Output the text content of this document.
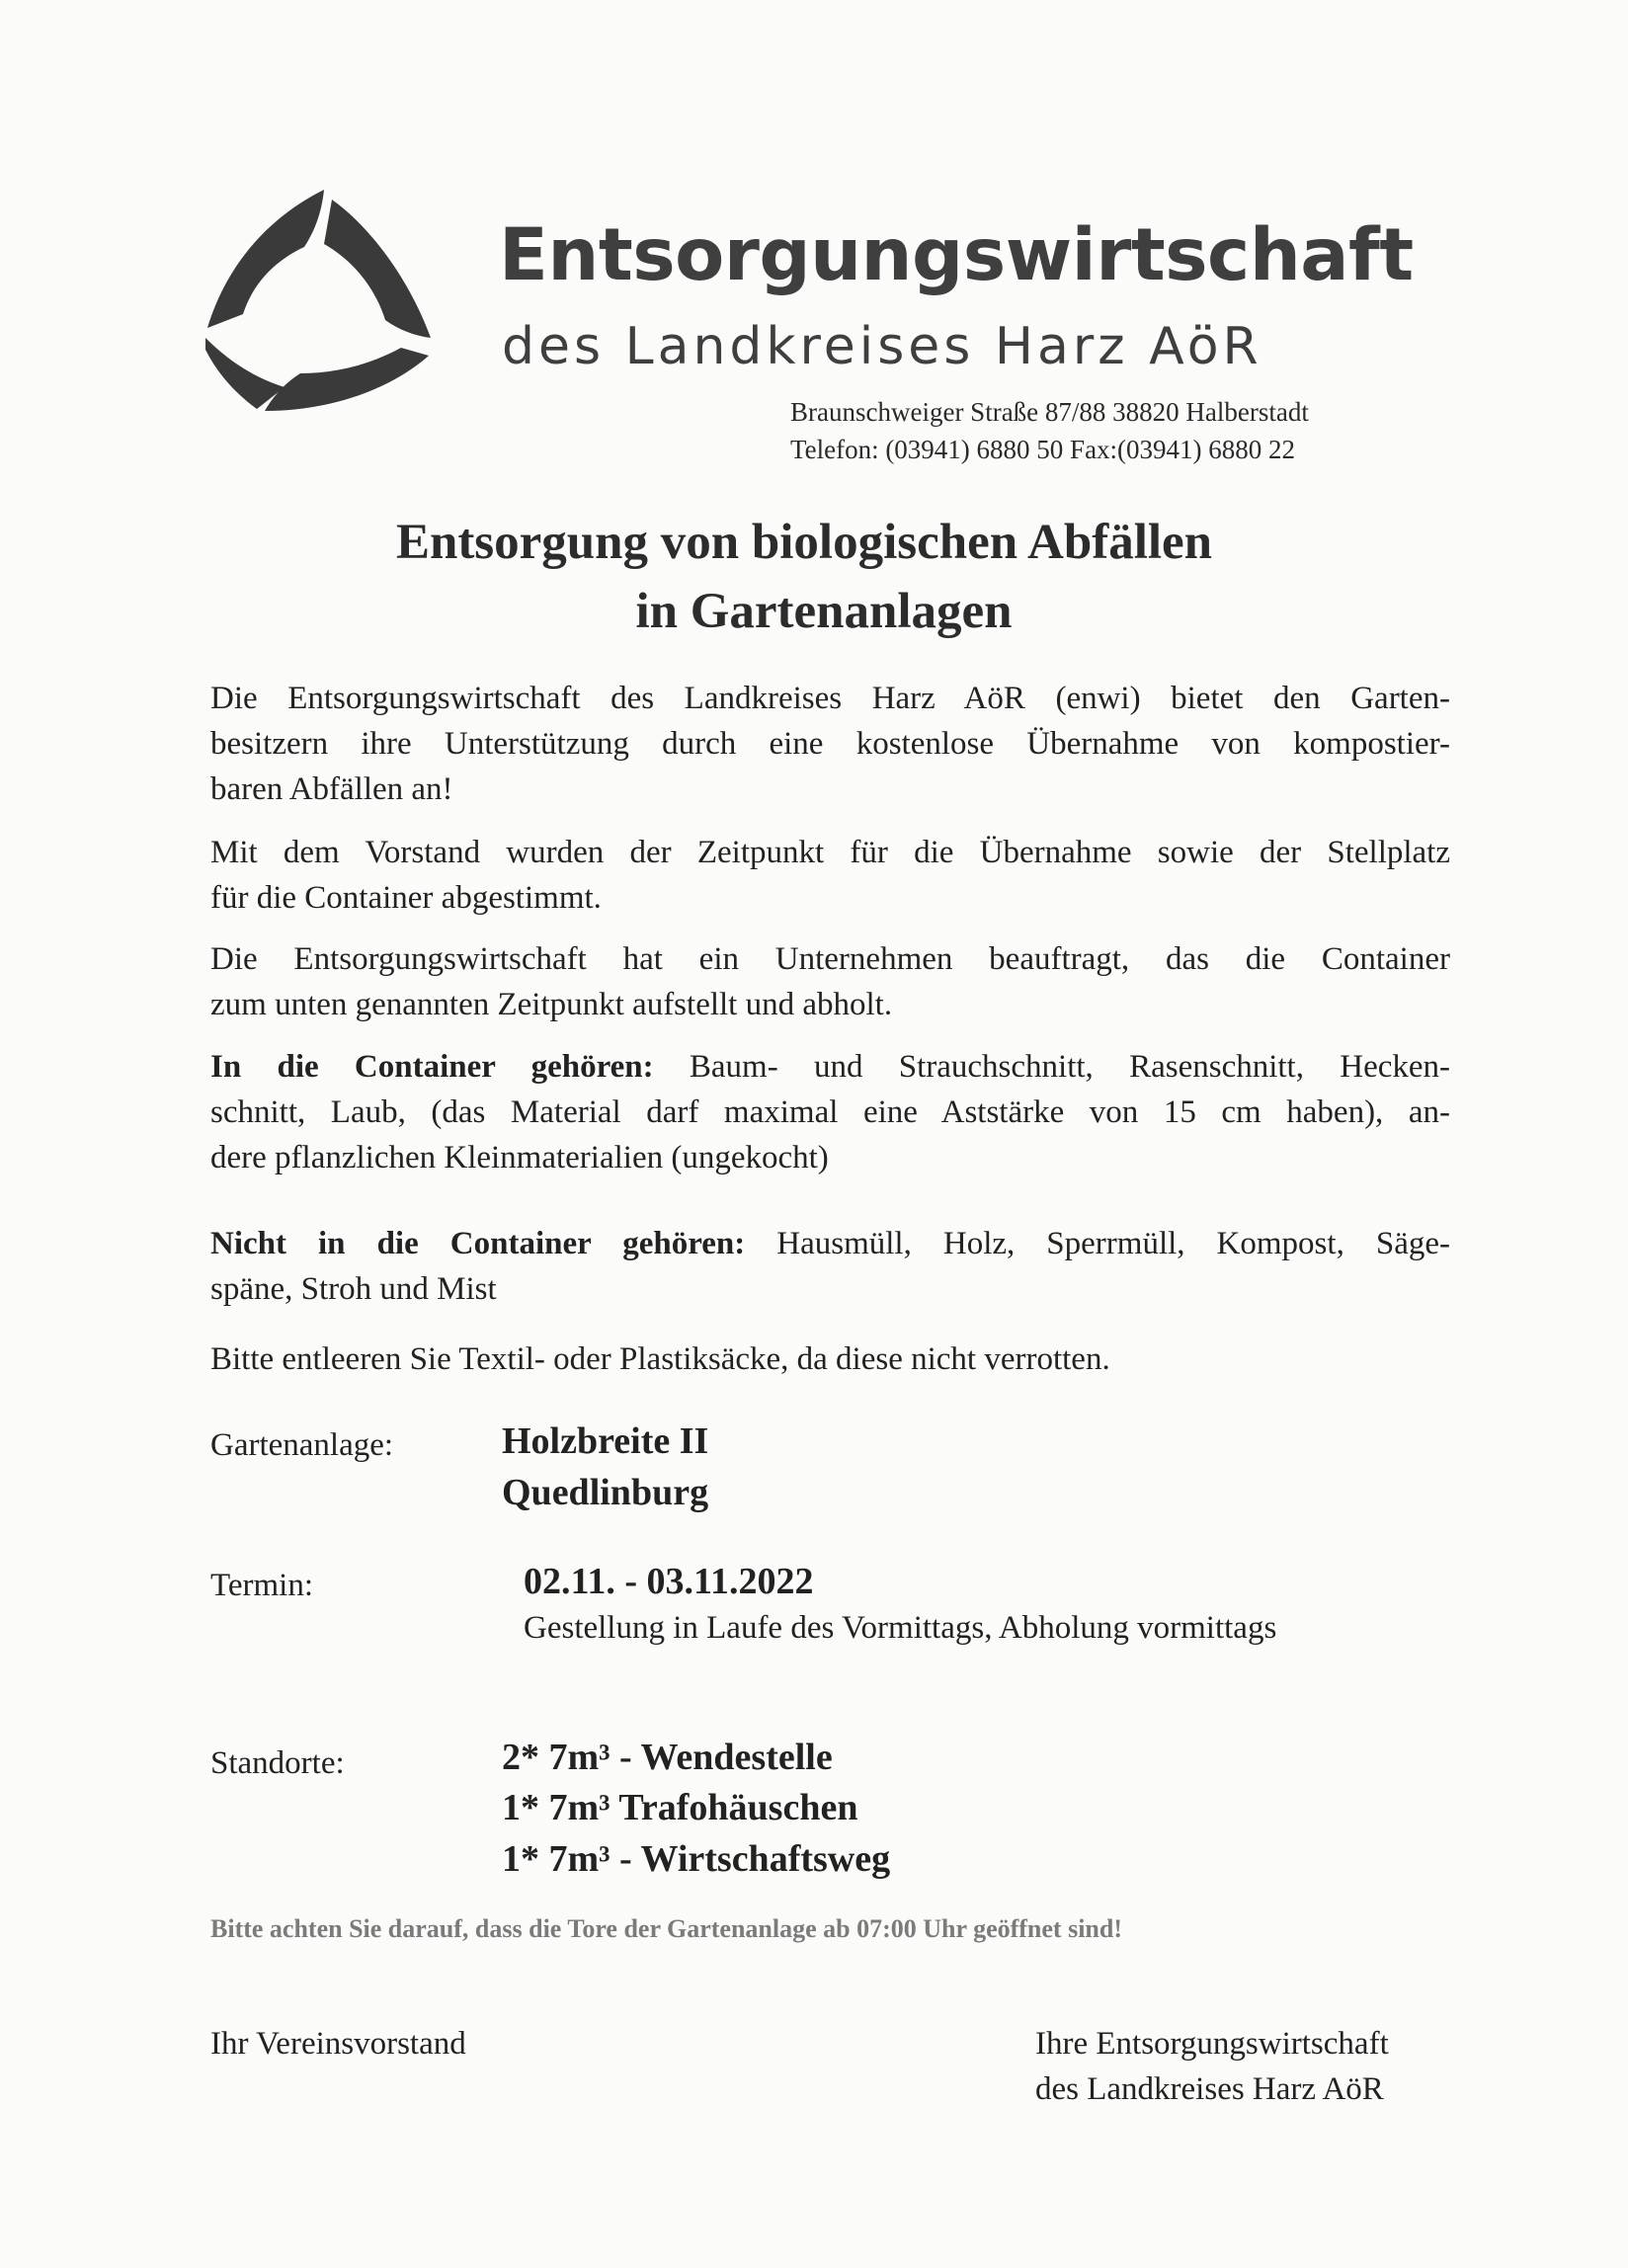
Entsorgungswirtschaft
des Landkreises Harz AöR
Braunschweiger Straße 87/88 38820 Halberstadt
Telefon: (03941) 6880 50 Fax:(03941) 6880 22
Entsorgung von biologischen Abfällen
in Gartenanlagen
Die Entsorgungswirtschaft des Landkreises Harz AöR (enwi) bietet den Garten-
besitzern ihre Unterstützung durch eine kostenlose Übernahme von kompostier-
baren Abfällen an!
Mit dem Vorstand wurden der Zeitpunkt für die Übernahme sowie der Stellplatz
für die Container abgestimmt.
Die Entsorgungswirtschaft hat ein Unternehmen beauftragt, das die Container
zum unten genannten Zeitpunkt aufstellt und abholt.
In die Container gehören: Baum- und Strauchschnitt, Rasenschnitt, Hecken-
schnitt, Laub, (das Material darf maximal eine Aststärke von 15 cm haben), an-
dere pflanzlichen Kleinmaterialien (ungekocht)
Nicht in die Container gehören: Hausmüll, Holz, Sperrmüll, Kompost, Säge-
späne, Stroh und Mist
Bitte entleeren Sie Textil- oder Plastiksäcke, da diese nicht verrotten.
Gartenanlage:	Holzbreite II
Quedlinburg
Termin:	02.11. - 03.11.2022
Gestellung in Laufe des Vormittags, Abholung vormittags
Standorte:	2* 7m³ - Wendestelle
1* 7m³ Trafohäuschen
1* 7m³ - Wirtschaftsweg
Bitte achten Sie darauf, dass die Tore der Gartenanlage ab 07:00 Uhr geöffnet sind!
Ihr Vereinsvorstand	Ihre Entsorgungswirtschaft
des Landkreises Harz AöR
